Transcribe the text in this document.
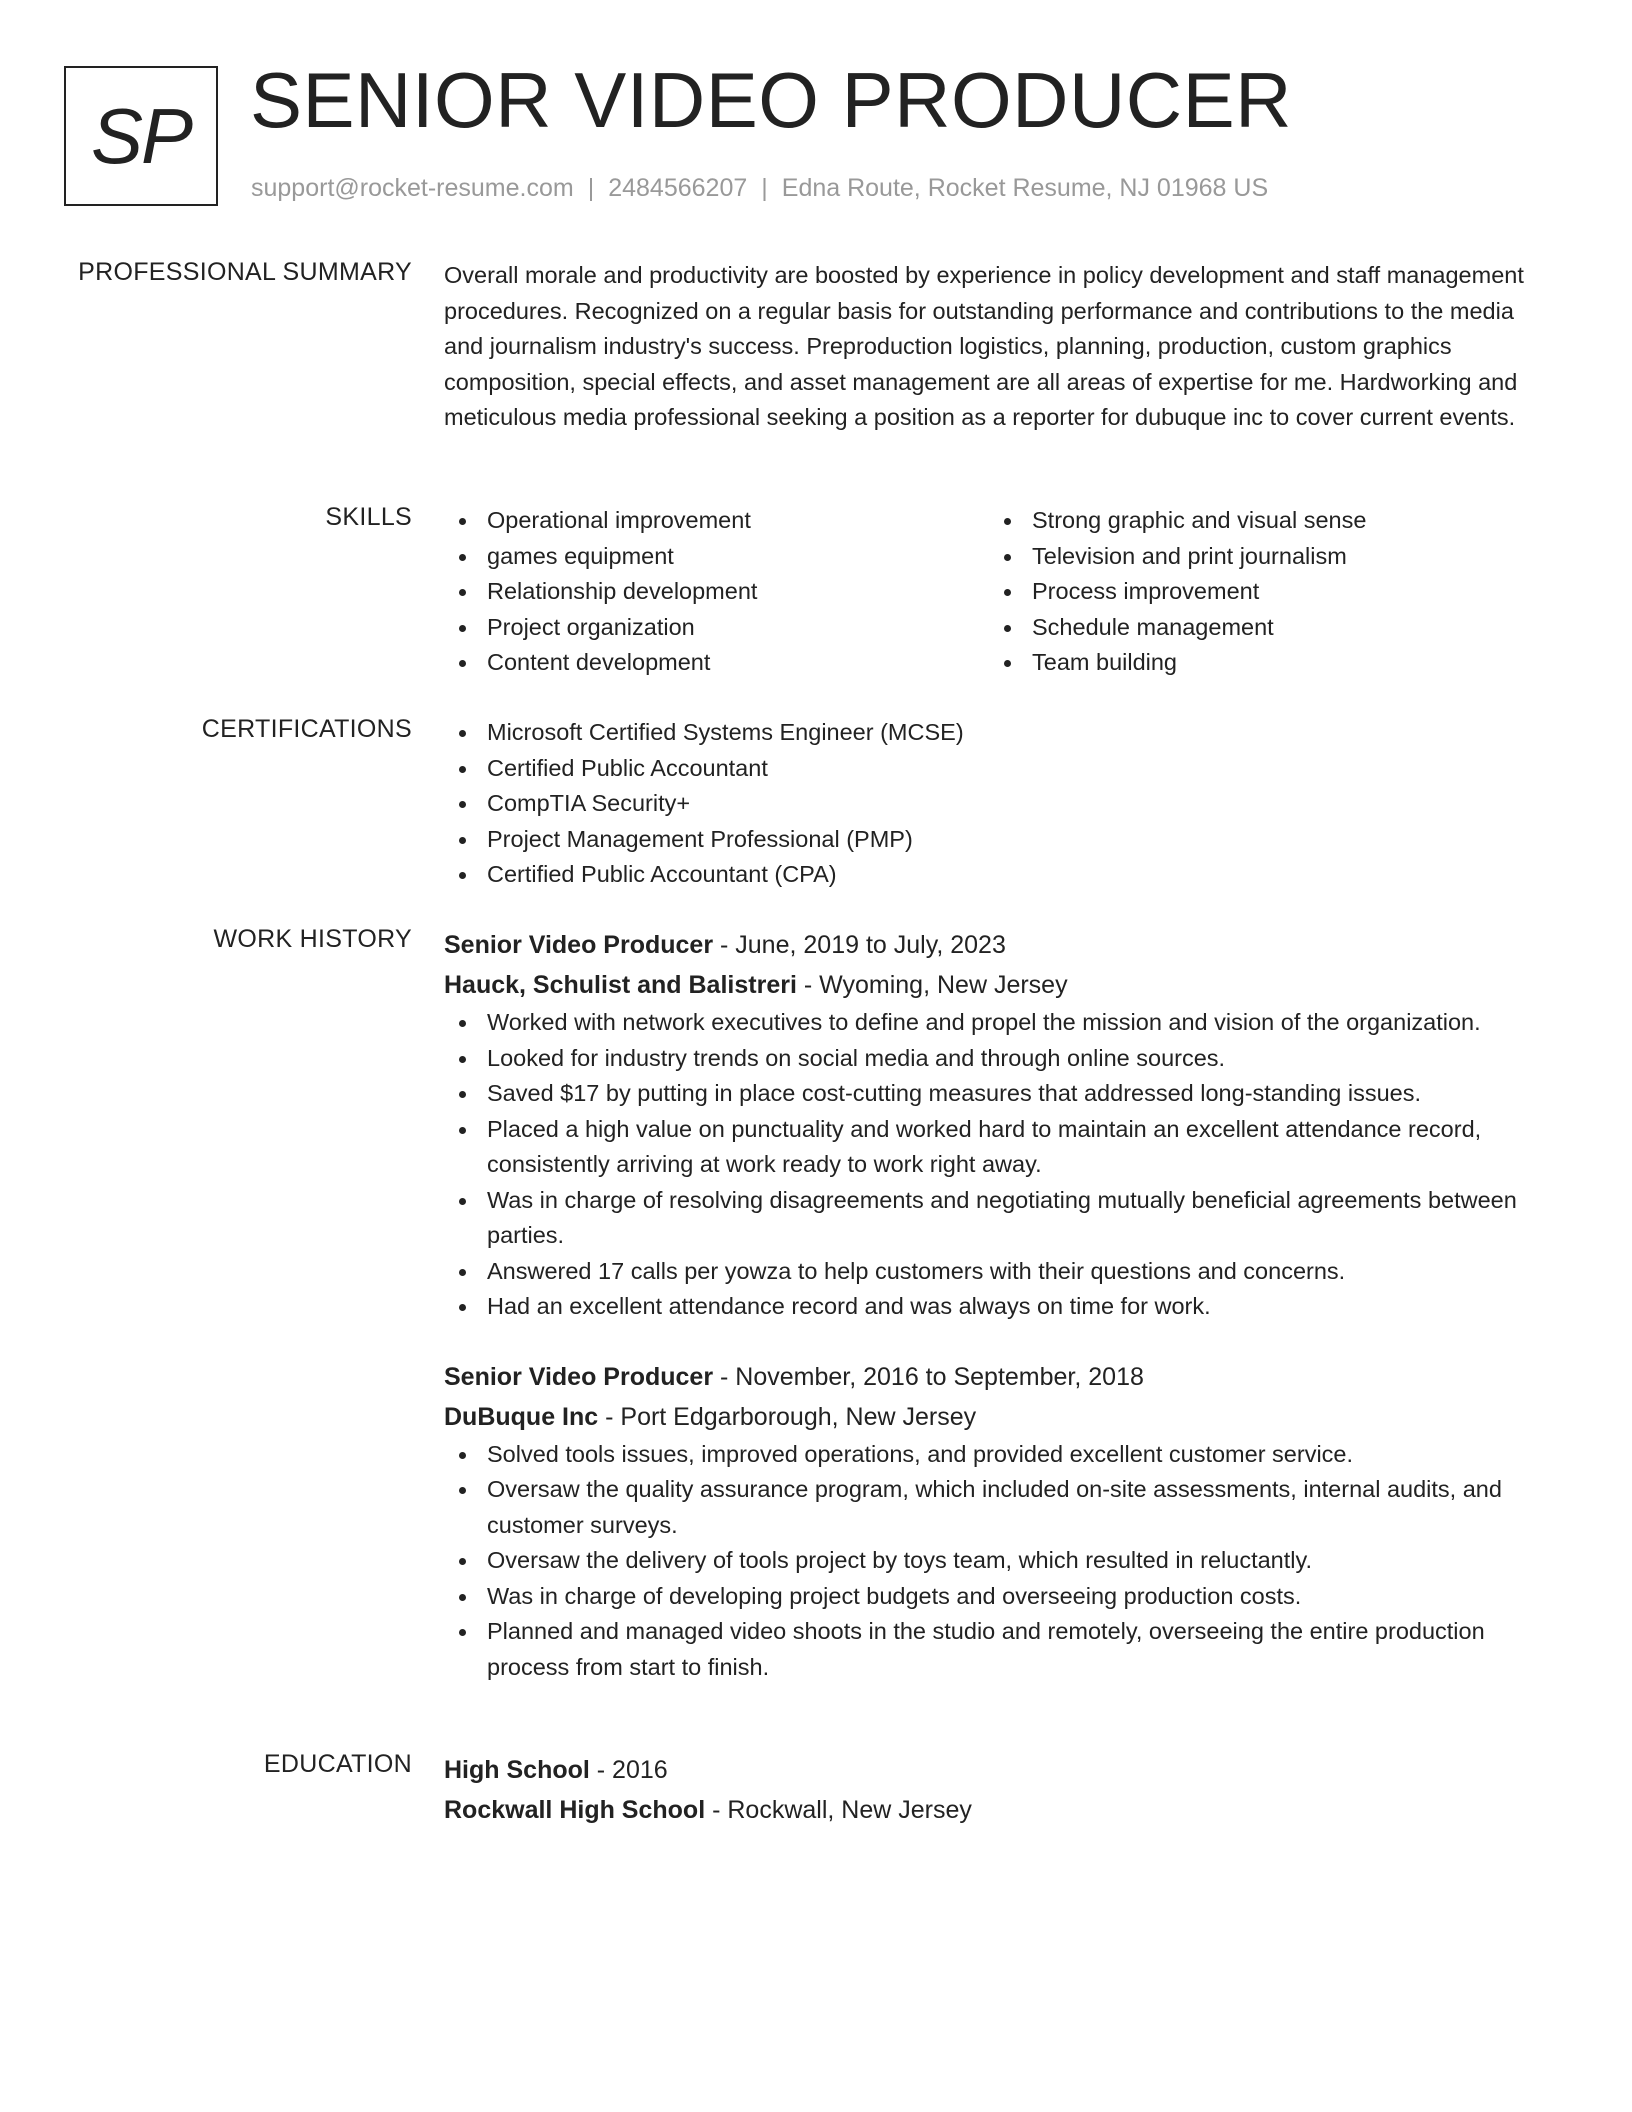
SP SENIOR VIDEO PRODUCER
support@rocket-resume.com | 2484566207 | Edna Route, Rocket Resume, NJ 01968 US
PROFESSIONAL SUMMARY Overall morale and productivity are boosted by experience in policy development and staff management procedures. Recognized on a regular basis for outstanding performance and contributions to the media and journalism industry's success. Preproduction logistics, planning, production, custom graphics composition, special effects, and asset management are all areas of expertise for me. Hardworking and meticulous media professional seeking a position as a reporter for dubuque inc to cover current events.

SKILLS	Operational improvement
games equipment
Relationship development
Project organization
Content development
Strong graphic and visual sense
Television and print journalism
Process improvement
Schedule management
Team building
CERTIFICATIONS	Microsoft Certified Systems Engineer (MCSE)
Certified Public Accountant
CompTIA Security+
Project Management Professional (PMP)
Certified Public Accountant (CPA)
WORK HISTORY Senior Video Producer - June, 2019 to July, 2023
Hauck, Schulist and Balistreri - Wyoming, New Jersey
Worked with network executives to define and propel the mission and vision of the organization.
Looked for industry trends on social media and through online sources.
Saved $17 by putting in place cost-cutting measures that addressed long-standing issues.
Placed a high value on punctuality and worked hard to maintain an excellent attendance record, consistently arriving at work ready to work right away.
Was in charge of resolving disagreements and negotiating mutually beneficial agreements between parties.
Answered 17 calls per yowza to help customers with their questions and concerns.
Had an excellent attendance record and was always on time for work.
Senior Video Producer - November, 2016 to September, 2018
DuBuque Inc - Port Edgarborough, New Jersey
Solved tools issues, improved operations, and provided excellent customer service.
Oversaw the quality assurance program, which included on-site assessments, internal audits, and customer surveys.
Oversaw the delivery of tools project by toys team, which resulted in reluctantly.
Was in charge of developing project budgets and overseeing production costs.
Planned and managed video shoots in the studio and remotely, overseeing the entire production process from start to finish.
EDUCATION High School - 2016
Rockwall High School - Rockwall, New Jersey
